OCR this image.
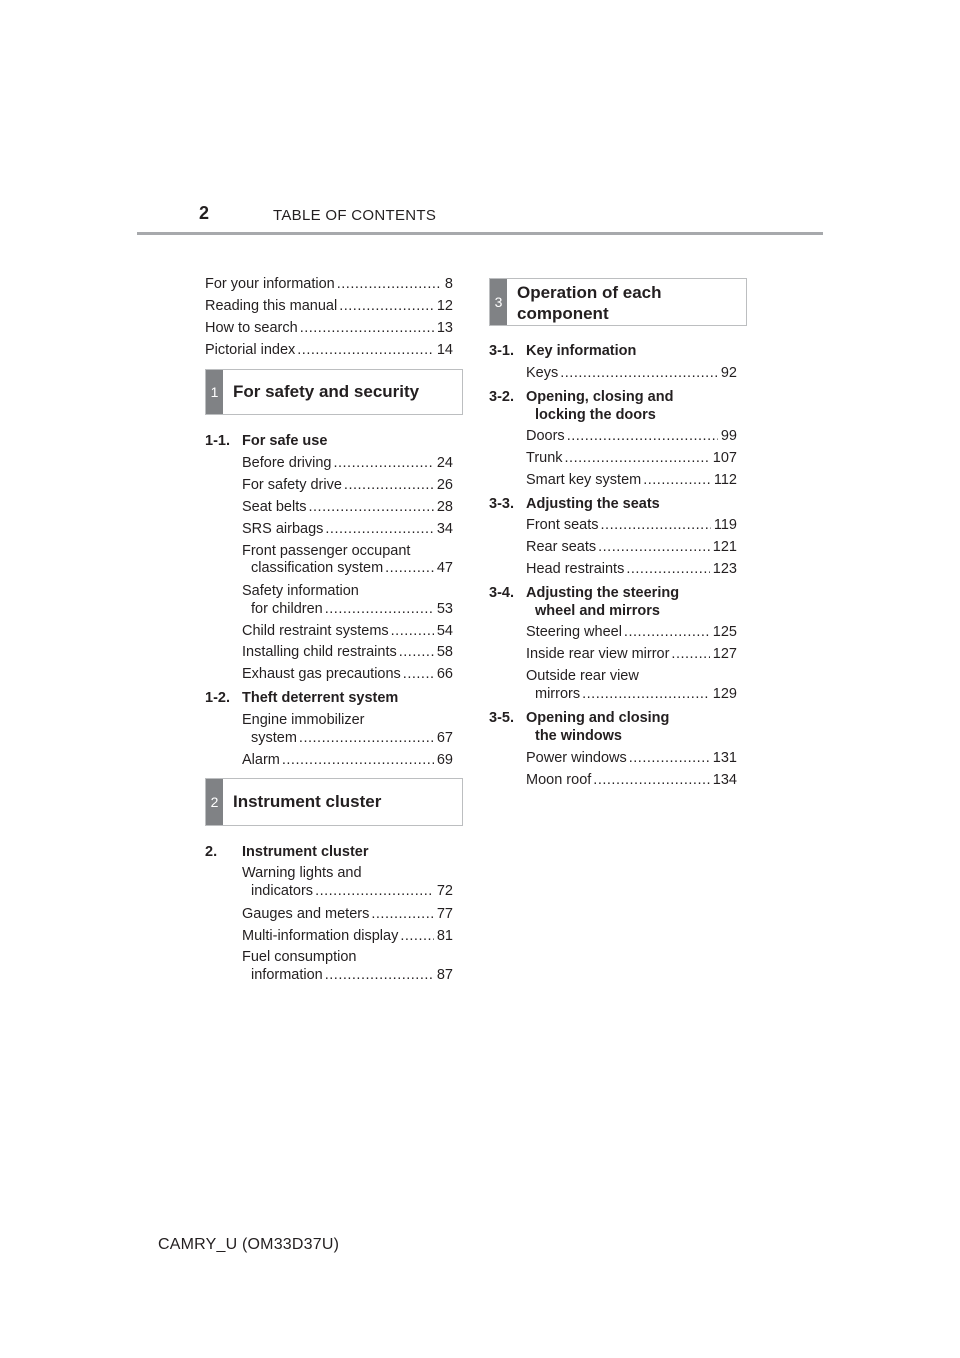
2	TABLE OF CONTENTS
For your information .....	8
Reading this manual .....	12
How to search .....	13
Pictorial index .....	14
1 For safety and security
1-1. For safe use
Before driving .....	24
For safety drive .....	26
Seat belts .....	28
SRS airbags .....	34
Front passenger occupant
classification system .....	47
Safety information
for children .....	53
Child restraint systems .....	54
Installing child restraints .....	58
Exhaust gas precautions ..... 66
1-2. Theft deterrent system
Engine immobilizer
system .....	67
Alarm .....	69
2 Instrument cluster
2. Instrument cluster
Warning lights and
indicators .....	72
Gauges and meters .....	77
Multi-information display .....	81
Fuel consumption
information .....	87
3 Operation of each
component
3-1. Key information
Keys .....	92
3-2. Opening, closing and
locking the doors
Doors .....	99
Trunk .....	107
Smart key system .....	112
3-3. Adjusting the seats
Front seats .....	119
Rear seats .....	121
Head restraints .....	123
3-4. Adjusting the steering
wheel and mirrors
Steering wheel .....	125
Inside rear view mirror .....	127
Outside rear view
mirrors .....	129
3-5. Opening and closing
the windows
Power windows .....	131
Moon roof .....	134
CAMRY_U (OM33D37U)
